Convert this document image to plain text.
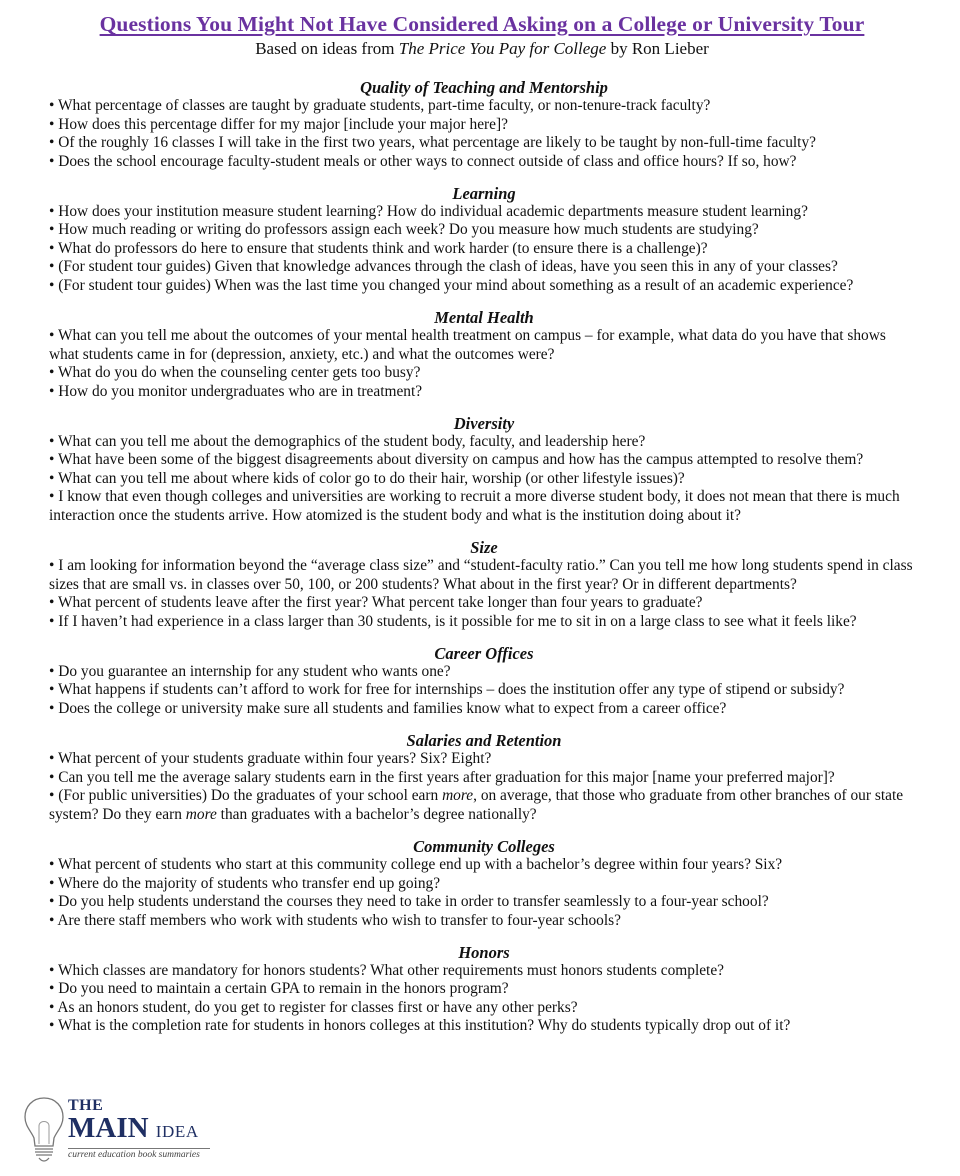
Questions You Might Not Have Considered Asking on a College or University Tour
Based on ideas from The Price You Pay for College by Ron Lieber
Quality of Teaching and Mentorship
• What percentage of classes are taught by graduate students, part-time faculty, or non-tenure-track faculty?
• How does this percentage differ for my major [include your major here]?
• Of the roughly 16 classes I will take in the first two years, what percentage are likely to be taught by non-full-time faculty?
• Does the school encourage faculty-student meals or other ways to connect outside of class and office hours? If so, how?
Learning
• How does your institution measure student learning? How do individual academic departments measure student learning?
• How much reading or writing do professors assign each week? Do you measure how much students are studying?
• What do professors do here to ensure that students think and work harder (to ensure there is a challenge)?
• (For student tour guides) Given that knowledge advances through the clash of ideas, have you seen this in any of your classes?
• (For student tour guides) When was the last time you changed your mind about something as a result of an academic experience?
Mental Health
• What can you tell me about the outcomes of your mental health treatment on campus – for example, what data do you have that shows what students came in for (depression, anxiety, etc.) and what the outcomes were?
• What do you do when the counseling center gets too busy?
• How do you monitor undergraduates who are in treatment?
Diversity
• What can you tell me about the demographics of the student body, faculty, and leadership here?
• What have been some of the biggest disagreements about diversity on campus and how has the campus attempted to resolve them?
• What can you tell me about where kids of color go to do their hair, worship (or other lifestyle issues)?
• I know that even though colleges and universities are working to recruit a more diverse student body, it does not mean that there is much interaction once the students arrive. How atomized is the student body and what is the institution doing about it?
Size
• I am looking for information beyond the “average class size” and “student-faculty ratio.” Can you tell me how long students spend in class sizes that are small vs. in classes over 50, 100, or 200 students? What about in the first year? Or in different departments?
• What percent of students leave after the first year? What percent take longer than four years to graduate?
• If I haven’t had experience in a class larger than 30 students, is it possible for me to sit in on a large class to see what it feels like?
Career Offices
• Do you guarantee an internship for any student who wants one?
• What happens if students can’t afford to work for free for internships – does the institution offer any type of stipend or subsidy?
• Does the college or university make sure all students and families know what to expect from a career office?
Salaries and Retention
• What percent of your students graduate within four years? Six? Eight?
• Can you tell me the average salary students earn in the first years after graduation for this major [name your preferred major]?
• (For public universities) Do the graduates of your school earn more, on average, that those who graduate from other branches of our state system? Do they earn more than graduates with a bachelor’s degree nationally?
Community Colleges
• What percent of students who start at this community college end up with a bachelor’s degree within four years? Six?
• Where do the majority of students who transfer end up going?
• Do you help students understand the courses they need to take in order to transfer seamlessly to a four-year school?
• Are there staff members who work with students who wish to transfer to four-year schools?
Honors
• Which classes are mandatory for honors students? What other requirements must honors students complete?
• Do you need to maintain a certain GPA to remain in the honors program?
• As an honors student, do you get to register for classes first or have any other perks?
• What is the completion rate for students in honors colleges at this institution? Why do students typically drop out of it?
THE
MAIN IDEA
current education book summaries
